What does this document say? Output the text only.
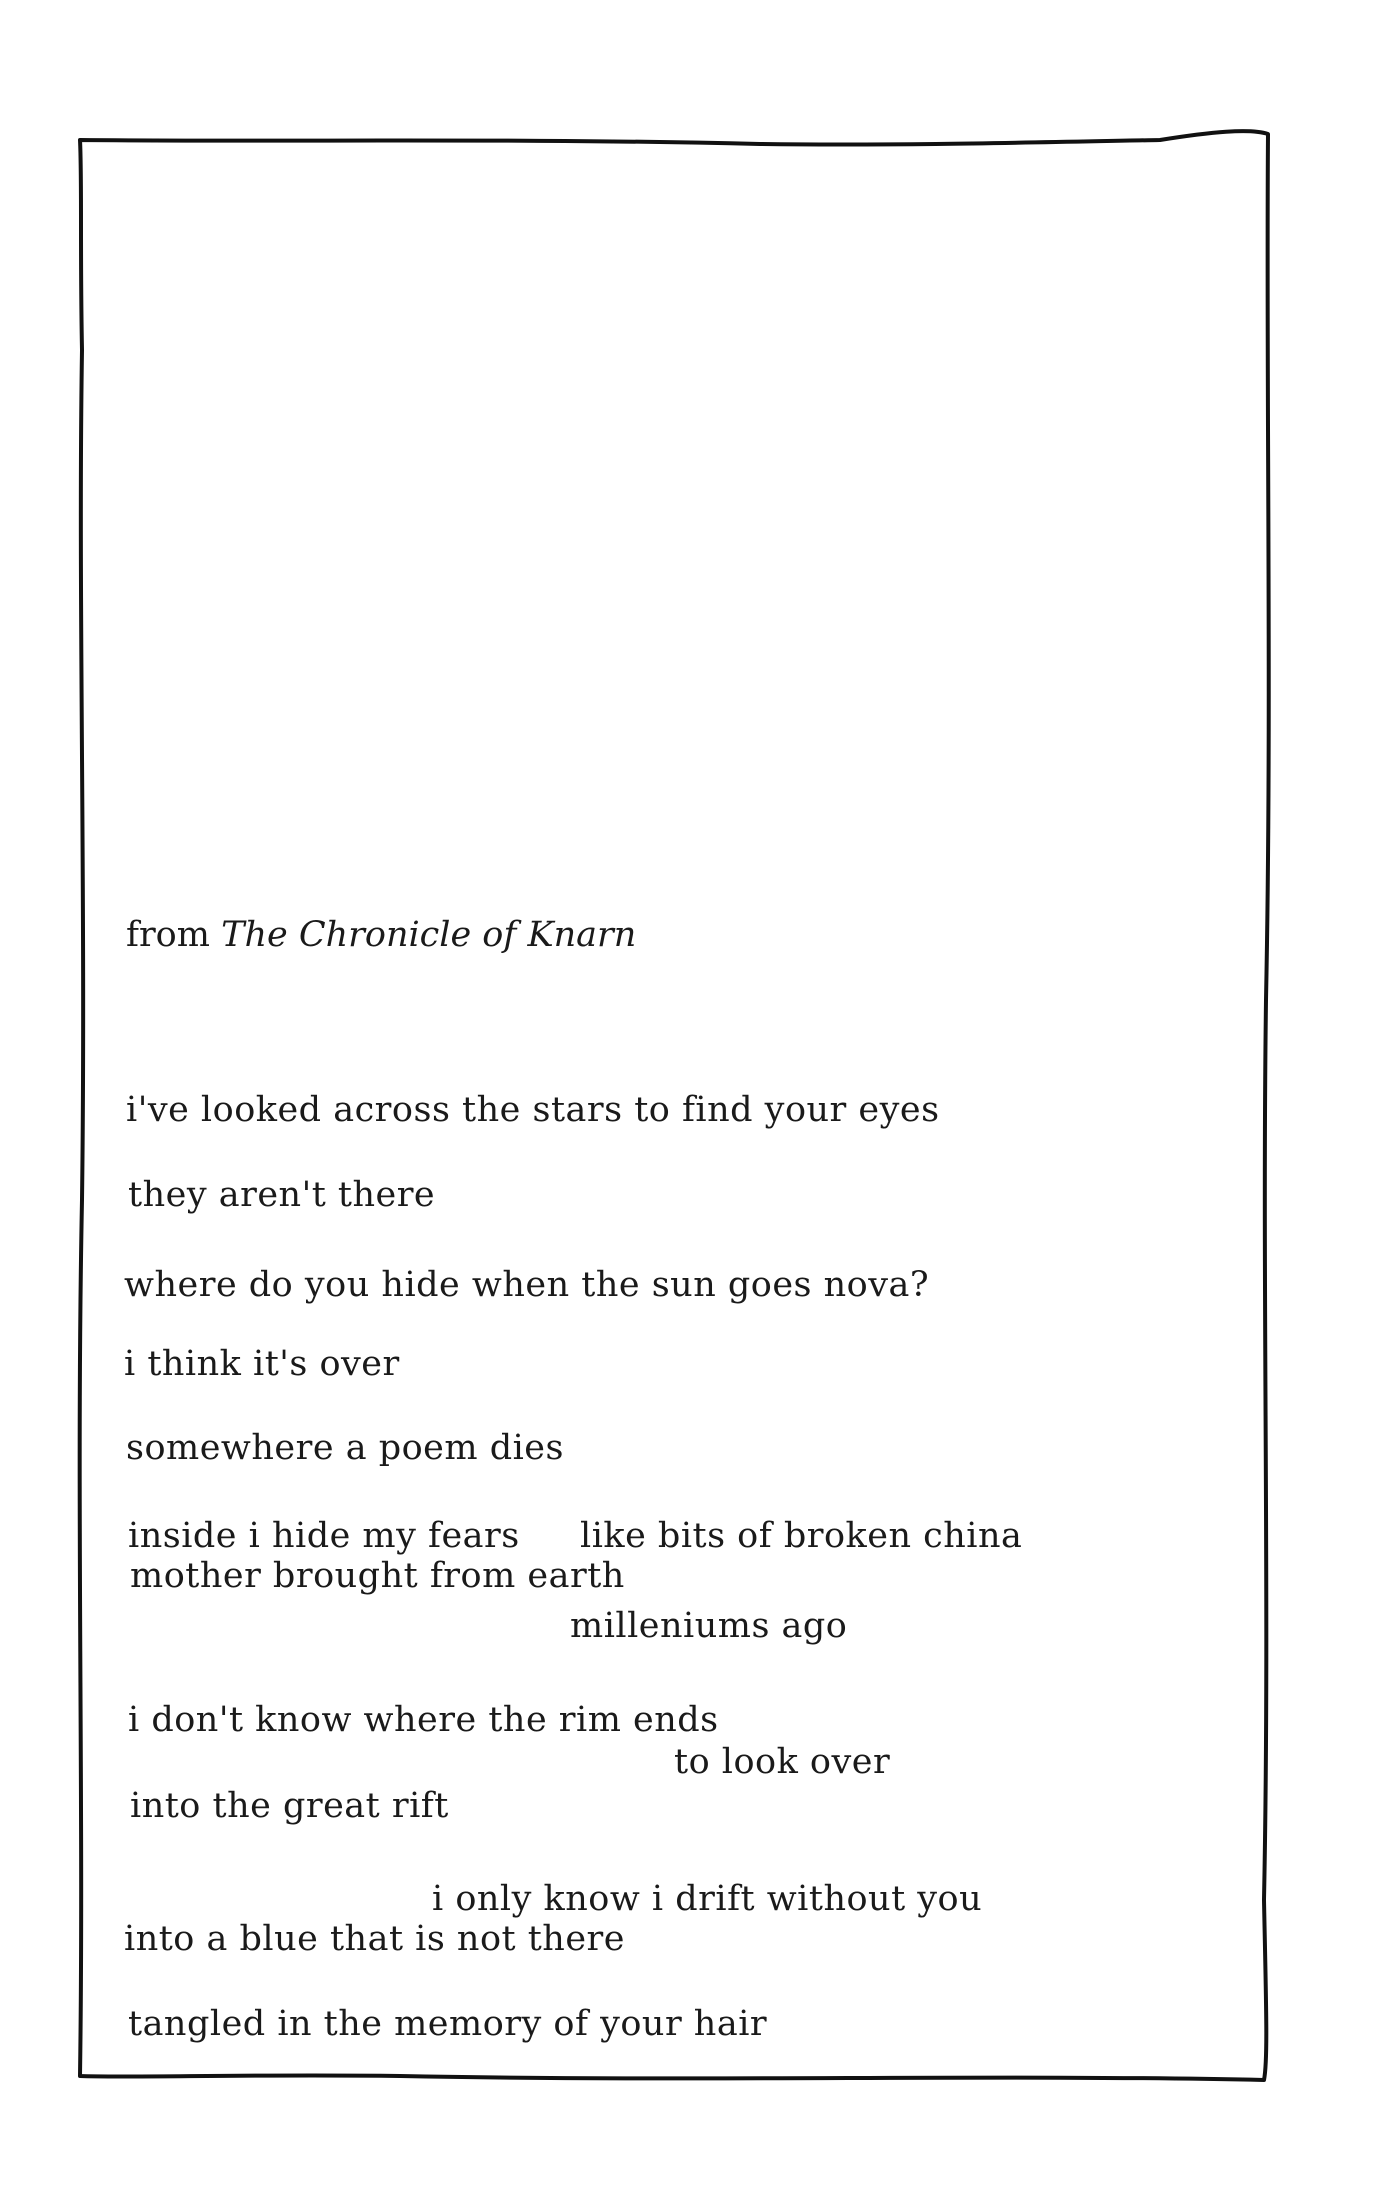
from The Chronicle of Knarn
i've looked across the stars to find your eyes
they aren't there
where do you hide when the sun goes nova?
i think it's over
somewhere a poem dies
inside i hide my fears like bits of broken china
mother brought from earth
milleniums ago
i don't know where the rim ends
to look over
into the great rift
i only know i drift without you
into a blue that is not there
tangled in the memory of your hair
